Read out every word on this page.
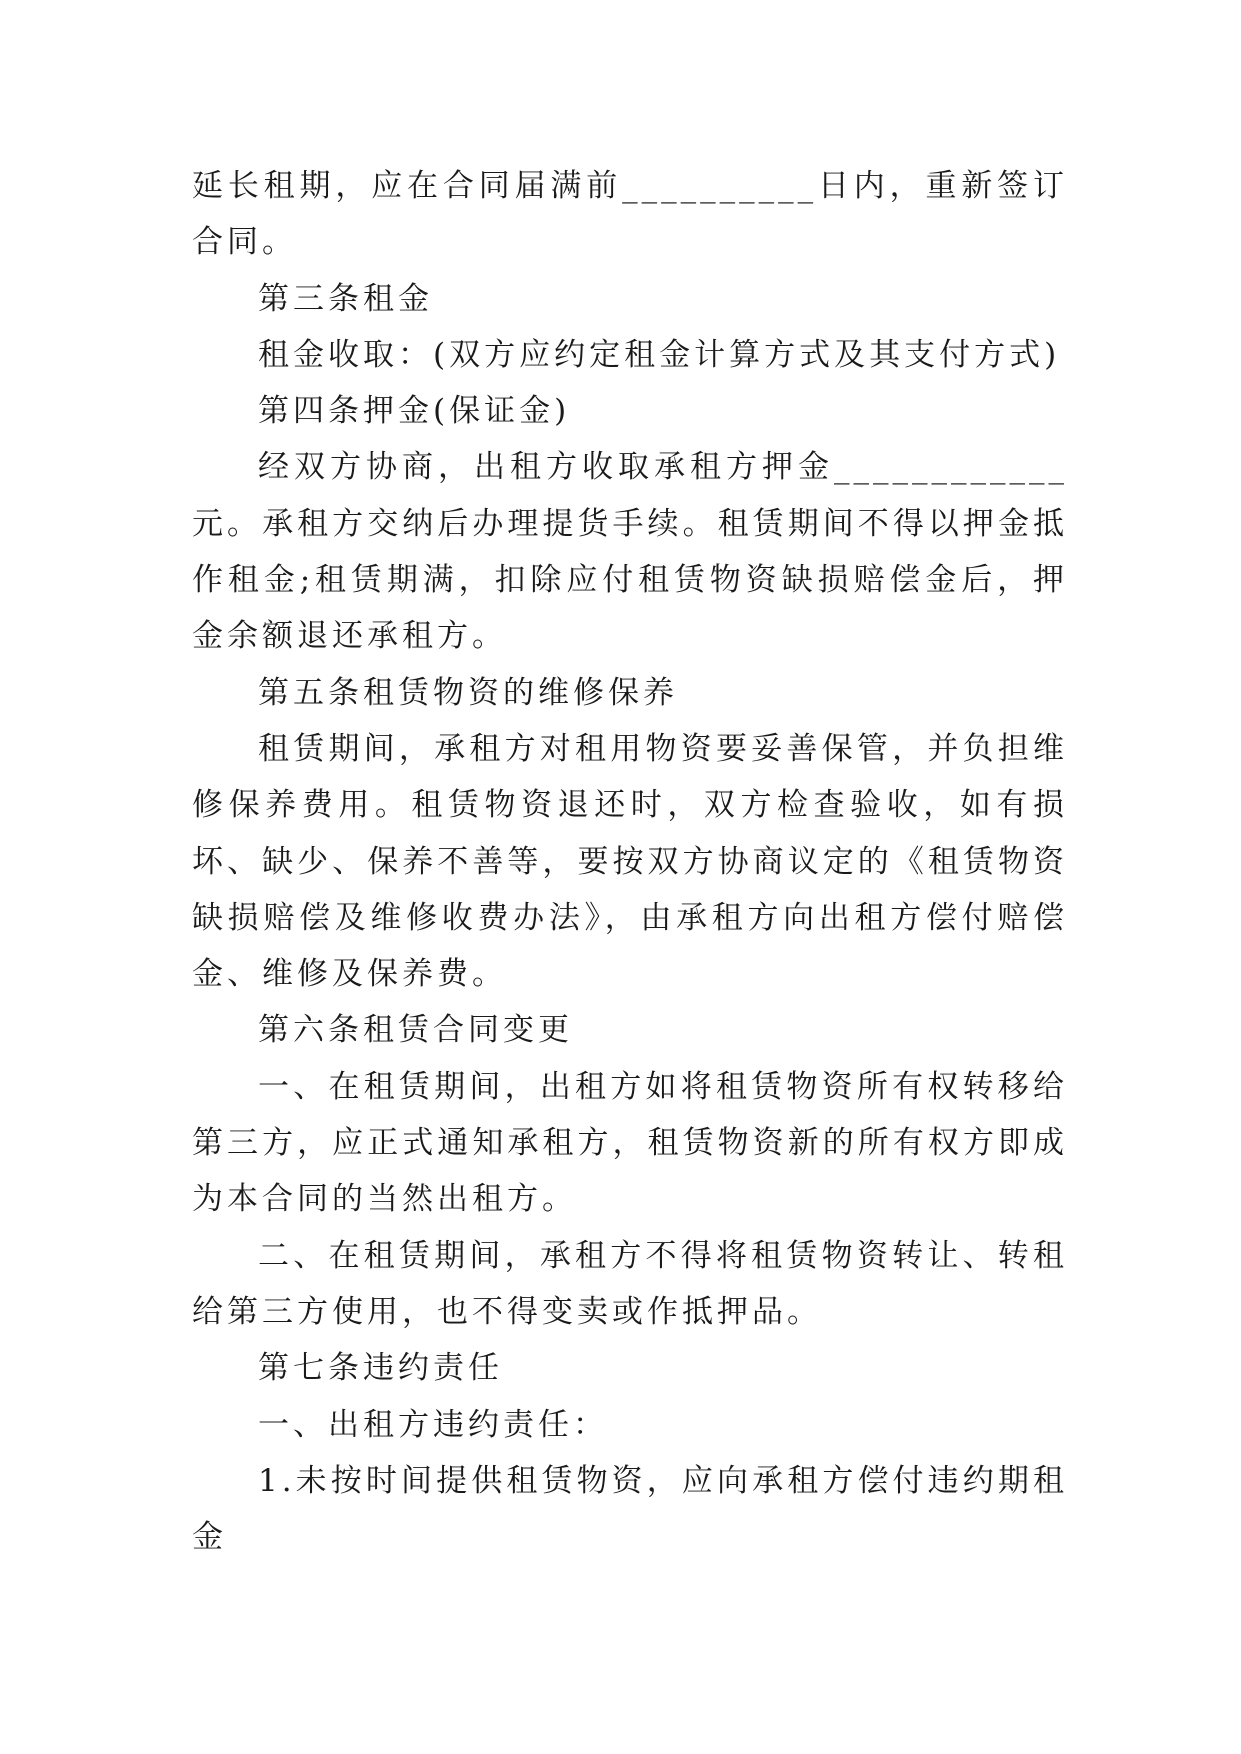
延长租期，应在合同届满前__________日内，重新签订合同。

第三条租金

租金收取：(双方应约定租金计算方式及其支付方式)

第四条押金(保证金)

经双方协商，出租方收取承租方押金____________元。承租方交纳后办理提货手续。租赁期间不得以押金抵作租金;租赁期满，扣除应付租赁物资缺损赔偿金后，押金余额退还承租方。

第五条租赁物资的维修保养

租赁期间，承租方对租用物资要妥善保管，并负担维修保养费用。租赁物资退还时，双方检查验收，如有损坏、缺少、保养不善等，要按双方协商议定的《租赁物资缺损赔偿及维修收费办法》，由承租方向出租方偿付赔偿金、维修及保养费。

第六条租赁合同变更

一、在租赁期间，出租方如将租赁物资所有权转移给第三方，应正式通知承租方，租赁物资新的所有权方即成为本合同的当然出租方。

二、在租赁期间，承租方不得将租赁物资转让、转租给第三方使用，也不得变卖或作抵押品。

第七条违约责任

一、出租方违约责任：

1.未按时间提供租赁物资，应向承租方偿付违约期租金
